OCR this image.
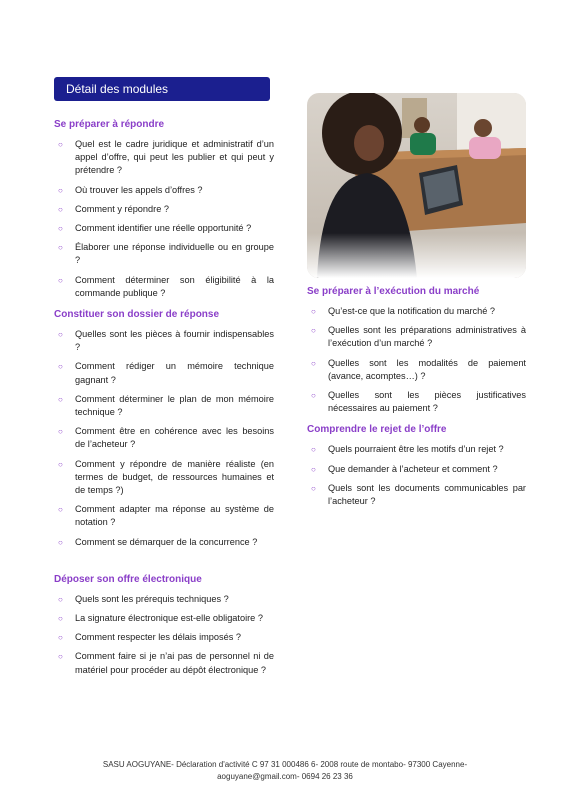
Détail des modules
Se préparer à répondre
○ Quel est le cadre juridique et administratif d’un appel d’offre, qui peut les publier et qui peut y prétendre ?
○ Où trouver les appels d’offres ?
○ Comment y répondre ?
○ Comment identifier une réelle opportunité ?
○ Élaborer une réponse individuelle ou en groupe ?
○ Comment déterminer son éligibilité à la commande publique ?
Constituer son dossier de réponse
○ Quelles sont les pièces à fournir indispensables ?
○ Comment rédiger un mémoire technique gagnant ?
○ Comment déterminer le plan de mon mémoire technique ?
○ Comment être en cohérence avec les besoins de l’acheteur ?
○ Comment y répondre de manière réaliste (en termes de budget, de ressources humaines et de temps ?)
○ Comment adapter ma réponse au système de notation ?
○ Comment se démarquer de la concurrence ?
Déposer son offre électronique
○ Quels sont les prérequis techniques ?
○ La signature électronique est-elle obligatoire ?
○ Comment respecter les délais imposés ?
○ Comment faire si je n’ai pas de personnel ni de matériel pour procéder au dépôt électronique ?
Se préparer à l’exécution du marché
○ Qu’est-ce que la notification du marché ?
○ Quelles sont les préparations administratives à l’exécution d’un marché ?
○ Quelles sont les modalités de paiement (avance, acomptes…) ?
○ Quelles sont les pièces justificatives nécessaires au paiement ?
Comprendre le rejet de l’offre
○ Quels pourraient être les motifs d’un rejet ?
○ Que demander à l’acheteur et comment ?
○ Quels sont les documents communicables par l’acheteur ?
SASU AOGUYANE- Déclaration d'activité C 97 31 000486 6- 2008 route de montabo- 97300 Cayenne-
aoguyane@gmail.com- 0694 26 23 36
